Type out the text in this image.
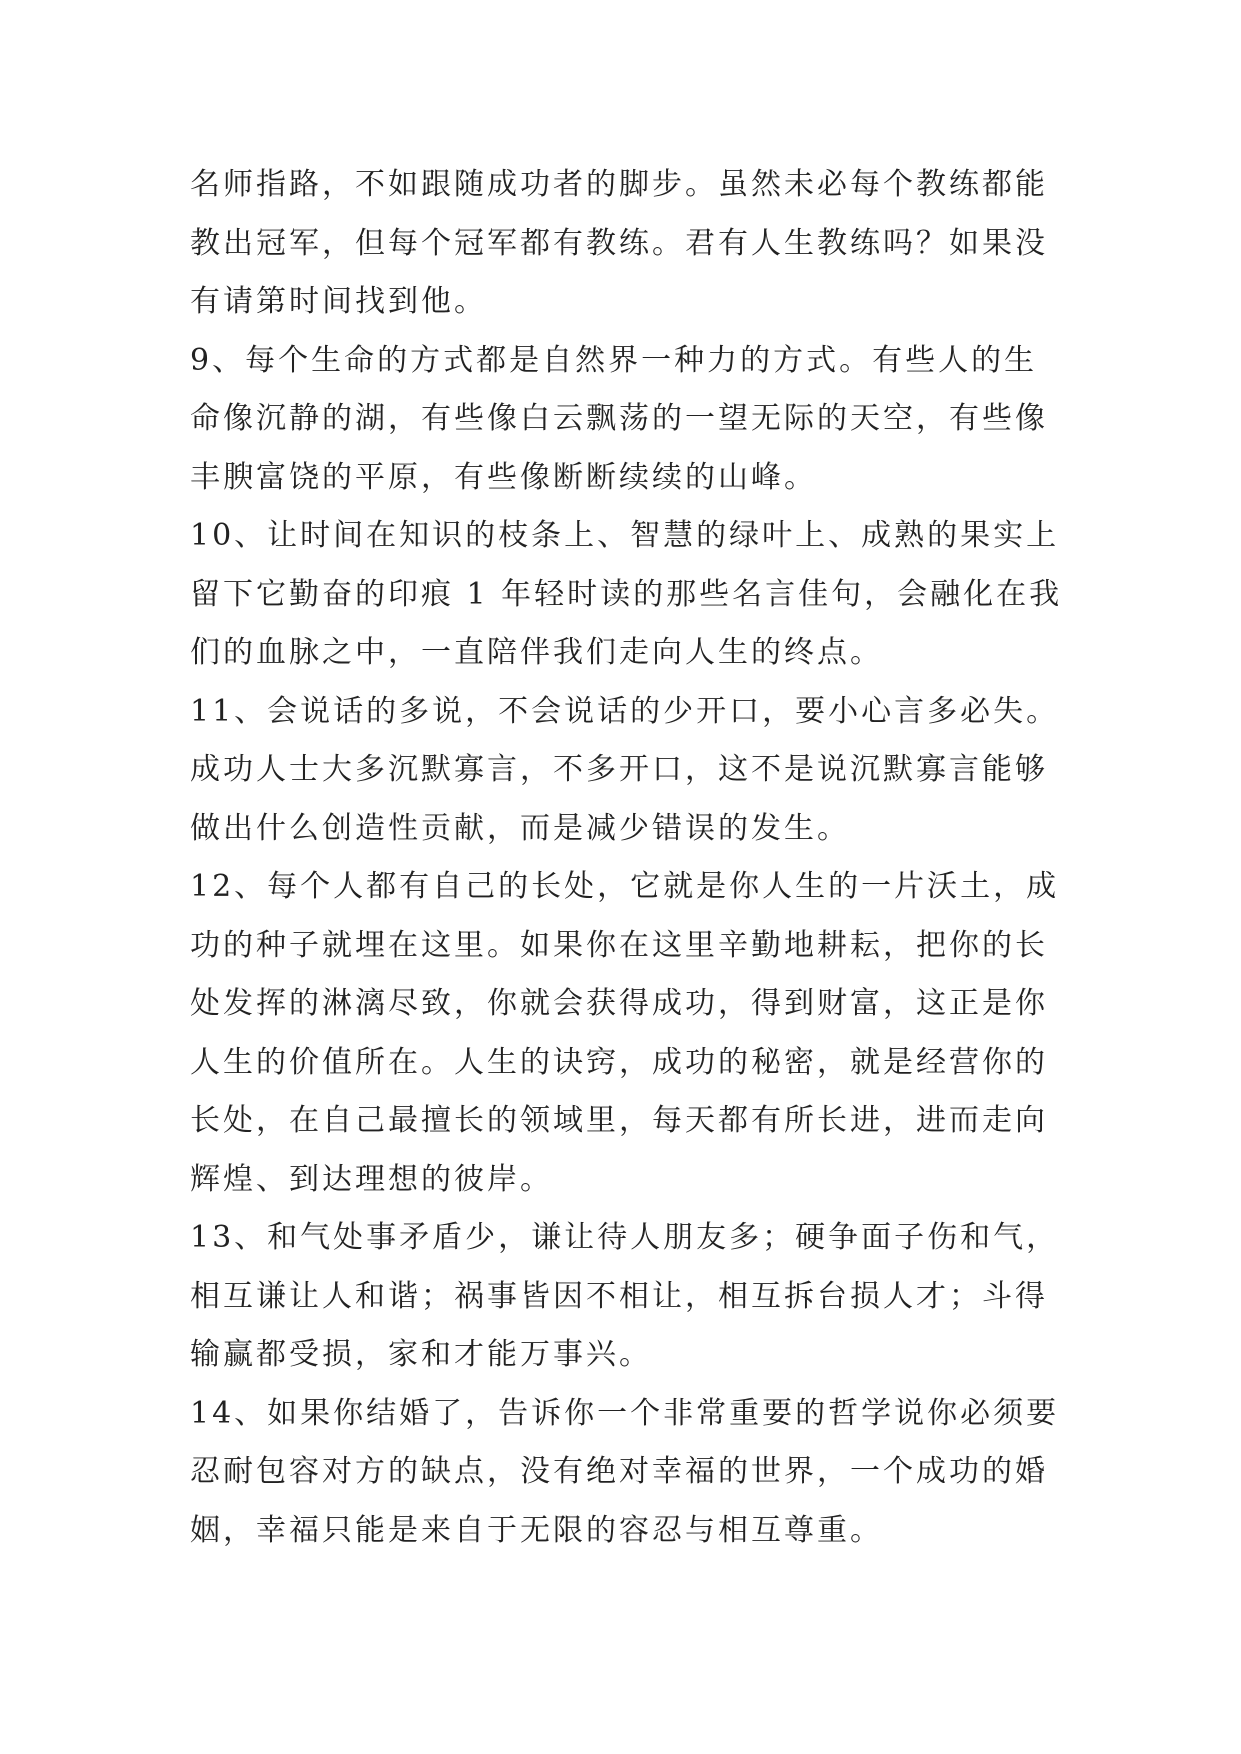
名师指路，不如跟随成功者的脚步。虽然未必每个教练都能
教出冠军，但每个冠军都有教练。君有人生教练吗？如果没
有请第时间找到他。
9、每个生命的方式都是自然界一种力的方式。有些人的生
命像沉静的湖，有些像白云飘荡的一望无际的天空，有些像
丰腴富饶的平原，有些像断断续续的山峰。
10、让时间在知识的枝条上、智慧的绿叶上、成熟的果实上
留下它勤奋的印痕 1 年轻时读的那些名言佳句，会融化在我
们的血脉之中，一直陪伴我们走向人生的终点。
11、会说话的多说，不会说话的少开口，要小心言多必失。
成功人士大多沉默寡言，不多开口，这不是说沉默寡言能够
做出什么创造性贡献，而是减少错误的发生。
12、每个人都有自己的长处，它就是你人生的一片沃土，成
功的种子就埋在这里。如果你在这里辛勤地耕耘，把你的长
处发挥的淋漓尽致，你就会获得成功，得到财富，这正是你
人生的价值所在。人生的诀窍，成功的秘密，就是经营你的
长处，在自己最擅长的领域里，每天都有所长进，进而走向
辉煌、到达理想的彼岸。
13、和气处事矛盾少，谦让待人朋友多；硬争面子伤和气，
相互谦让人和谐；祸事皆因不相让，相互拆台损人才；斗得
输赢都受损，家和才能万事兴。
14、如果你结婚了，告诉你一个非常重要的哲学说你必须要
忍耐包容对方的缺点，没有绝对幸福的世界，一个成功的婚
姻，幸福只能是来自于无限的容忍与相互尊重。
